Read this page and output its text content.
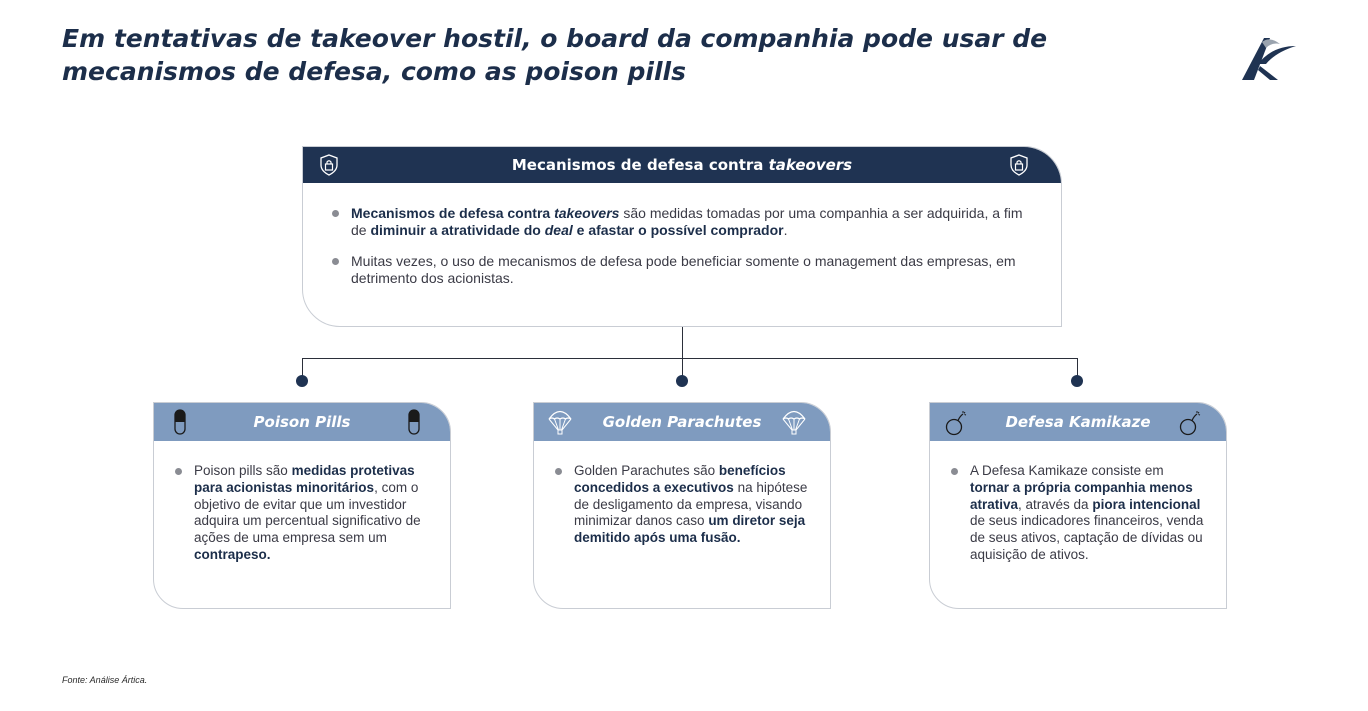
Em tentativas de takeover hostil, o board da companhia pode usar de
mecanismos de defesa, como as poison pills
Mecanismos de defesa contra takeovers
Mecanismos de defesa contra takeovers são medidas tomadas por uma companhia a ser adquirida, a fim de diminuir a atratividade do deal e afastar o possível comprador.
Muitas vezes, o uso de mecanismos de defesa pode beneficiar somente o management das empresas, em detrimento dos acionistas.
Poison Pills
Poison pills são medidas protetivas para acionistas minoritários, com o objetivo de evitar que um investidor adquira um percentual significativo de ações de uma empresa sem um contrapeso.
Golden Parachutes
Golden Parachutes são benefícios concedidos a executivos na hipótese de desligamento da empresa, visando minimizar danos caso um diretor seja demitido após uma fusão.
Defesa Kamikaze
A Defesa Kamikaze consiste em tornar a própria companhia menos atrativa, através da piora intencional de seus indicadores financeiros, venda de seus ativos, captação de dívidas ou aquisição de ativos.
Fonte: Análise Ártica.
